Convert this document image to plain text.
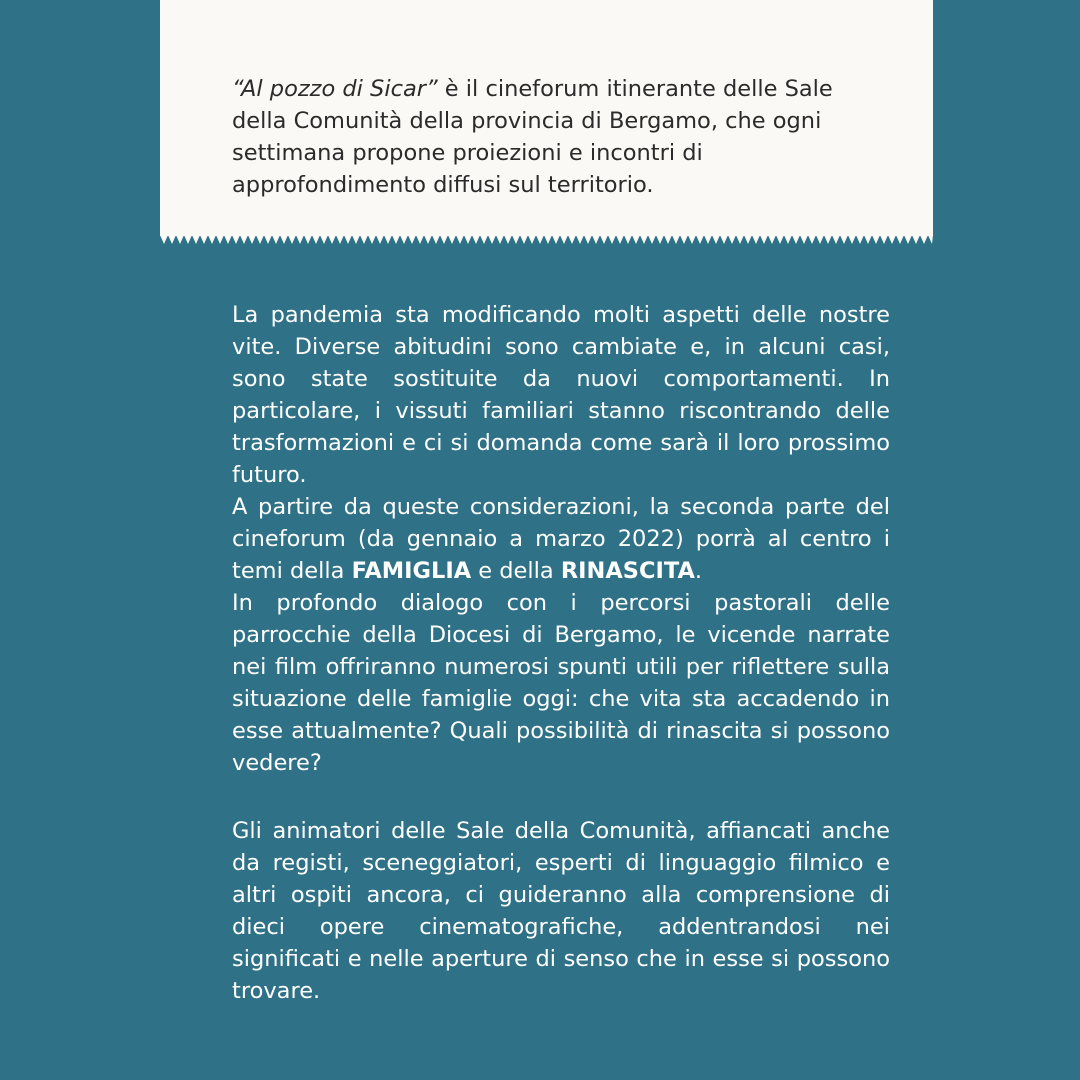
“Al pozzo di Sicar” è il cineforum itinerante delle Sale della Comunità della provincia di Bergamo, che ogni settimana propone proiezioni e incontri di approfondimento diffusi sul territorio.

La pandemia sta modificando molti aspetti delle nostre vite. Diverse abitudini sono cambiate e, in alcuni casi, sono state sostituite da nuovi comportamenti. In particolare, i vissuti familiari stanno riscontrando delle trasformazioni e ci si domanda come sarà il loro prossimo futuro.

A partire da queste considerazioni, la seconda parte del cineforum (da gennaio a marzo 2022) porrà al centro i temi della FAMIGLIA e della RINASCITA.

In profondo dialogo con i percorsi pastorali delle parrocchie della Diocesi di Bergamo, le vicende narrate nei film offriranno numerosi spunti utili per riflettere sulla situazione delle famiglie oggi: che vita sta accadendo in esse attualmente? Quali possibilità di rinascita si possono vedere?

Gli animatori delle Sale della Comunità, affiancati anche da registi, sceneggiatori, esperti di linguaggio filmico e altri ospiti ancora, ci guideranno alla comprensione di dieci opere cinematografiche, addentrandosi nei significati e nelle aperture di senso che in esse si possono trovare.
